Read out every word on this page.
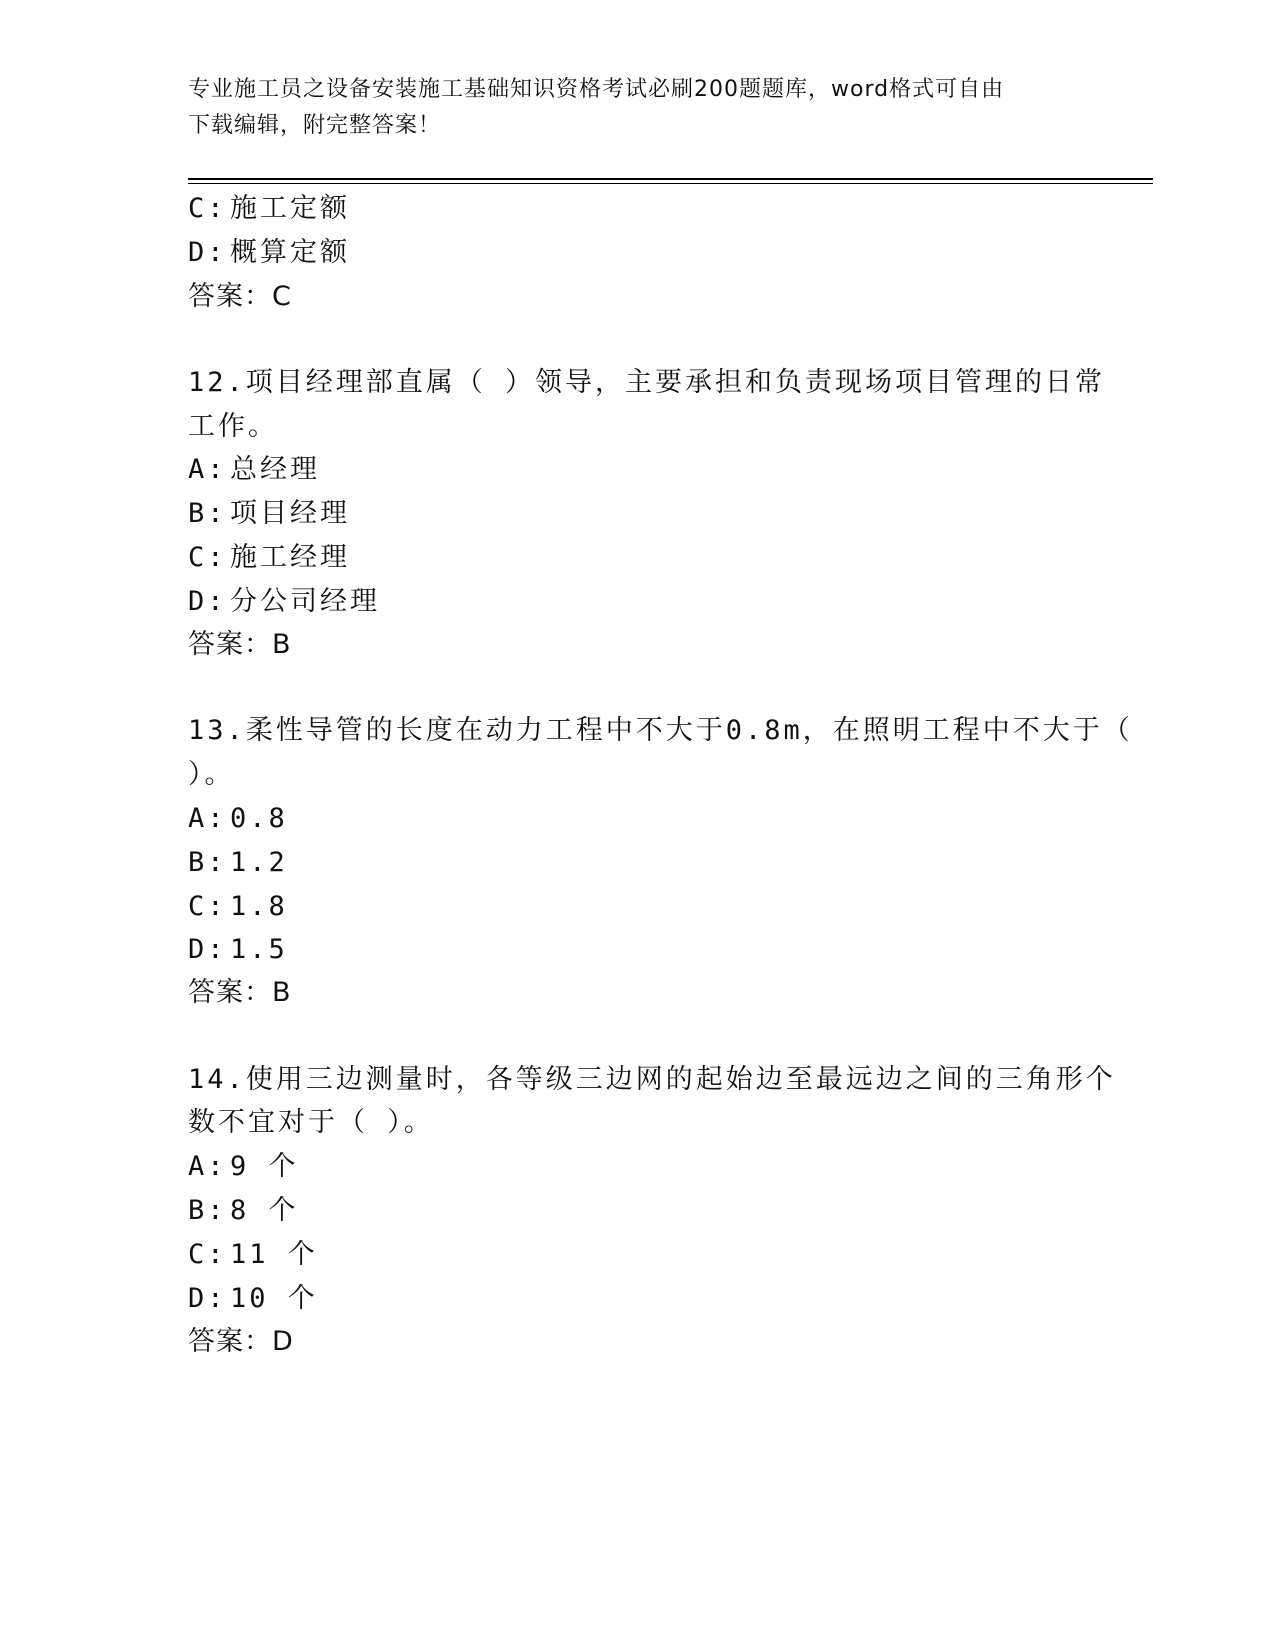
专业施工员之设备安装施工基础知识资格考试必刷200题题库，word格式可自由
下载编辑，附完整答案！
C: 施工定额
D: 概算定额
答案：C
12.项目经理部直属（ ）领导，主要承担和负责现场项目管理的日常
工作。
A: 总经理
B: 项目经理
C: 施工经理
D: 分公司经理
答案：B
13.柔性导管的长度在动力工程中不大于0.8m，在照明工程中不大于（
）。
A: 0.8
B: 1.2
C: 1.8
D: 1.5
答案：B
14.使用三边测量时，各等级三边网的起始边至最远边之间的三角形个
数不宜对于（ ）。
A: 9 个
B: 8 个
C: 11 个
D: 10 个
答案：D
